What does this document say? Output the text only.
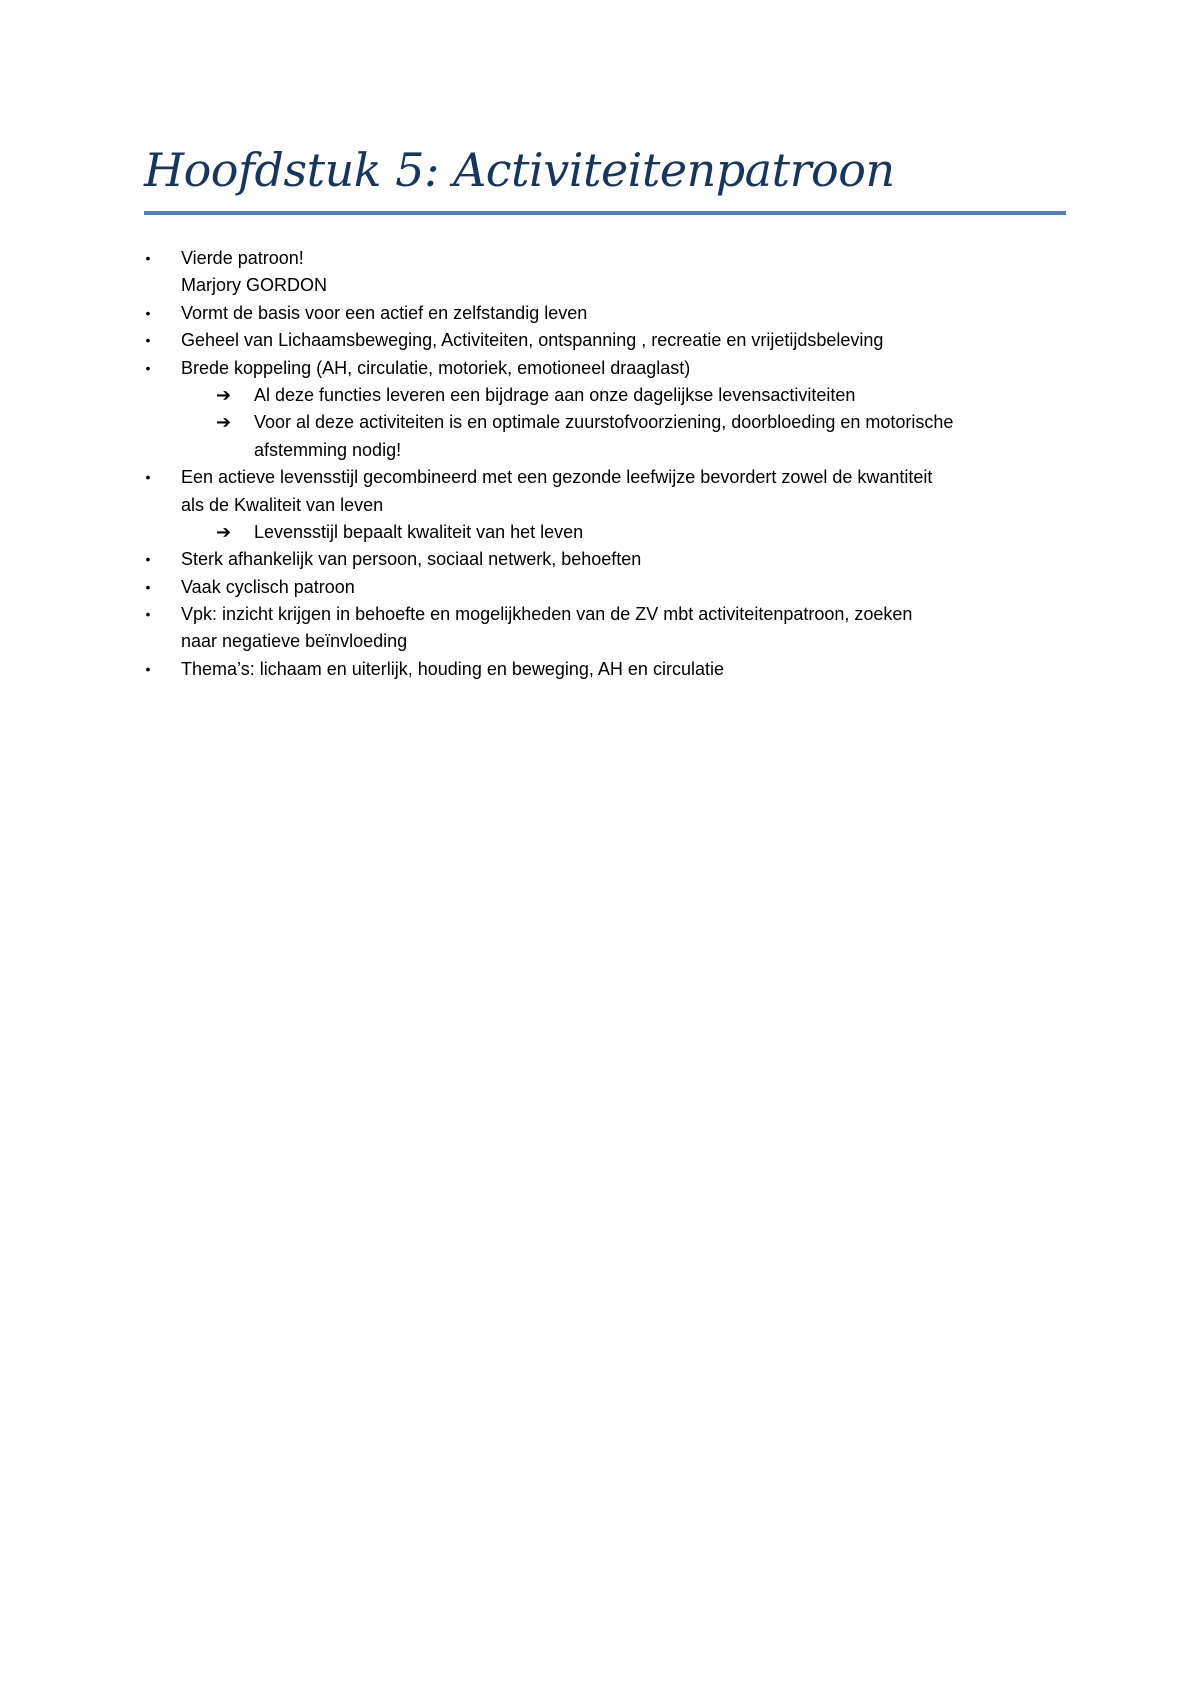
Hoofdstuk 5: Activiteitenpatroon
• Vierde patroon!
Marjory GORDON
• Vormt de basis voor een actief en zelfstandig leven
• Geheel van Lichaamsbeweging, Activiteiten, ontspanning , recreatie en vrijetijdsbeleving
• Brede koppeling (AH, circulatie, motoriek, emotioneel draaglast)
➔	Al deze functies leveren een bijdrage aan onze dagelijkse levensactiviteiten
➔	Voor al deze activiteiten is en optimale zuurstofvoorziening, doorbloeding en motorische
afstemming nodig!
• Een actieve levensstijl gecombineerd met een gezonde leefwijze bevordert zowel de kwantiteit
als de Kwaliteit van leven
➔	Levensstijl bepaalt kwaliteit van het leven
• Sterk afhankelijk van persoon, sociaal netwerk, behoeften
• Vaak cyclisch patroon
• Vpk: inzicht krijgen in behoefte en mogelijkheden van de ZV mbt activiteitenpatroon, zoeken
naar negatieve beïnvloeding
• Thema’s: lichaam en uiterlijk, houding en beweging, AH en circulatie
